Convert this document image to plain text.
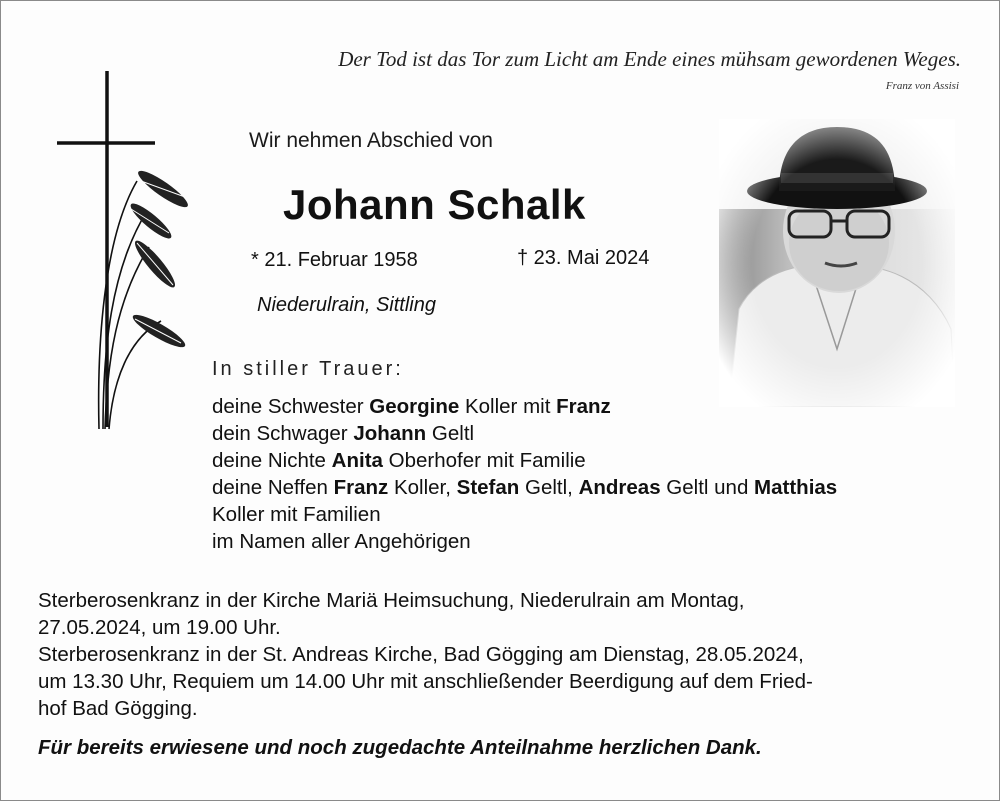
Der Tod ist das Tor zum Licht am Ende eines mühsam gewordenen Weges.
Franz von Assisi
Wir nehmen Abschied von
Johann Schalk
* 21. Februar 1958	† 23. Mai 2024
Niederulrain, Sittling
In stiller Trauer:
deine Schwester Georgine Koller mit Franz
dein Schwager Johann Geltl
deine Nichte Anita Oberhofer mit Familie
deine Neffen Franz Koller, Stefan Geltl, Andreas Geltl und Matthias
Koller mit Familien
im Namen aller Angehörigen
Sterberosenkranz in der Kirche Mariä Heimsuchung, Niederulrain am Montag,
27.05.2024, um 19.00 Uhr.
Sterberosenkranz in der St. Andreas Kirche, Bad Gögging am Dienstag, 28.05.2024,
um 13.30 Uhr, Requiem um 14.00 Uhr mit anschließender Beerdigung auf dem Fried-
hof Bad Gögging.
Für bereits erwiesene und noch zugedachte Anteilnahme herzlichen Dank.
